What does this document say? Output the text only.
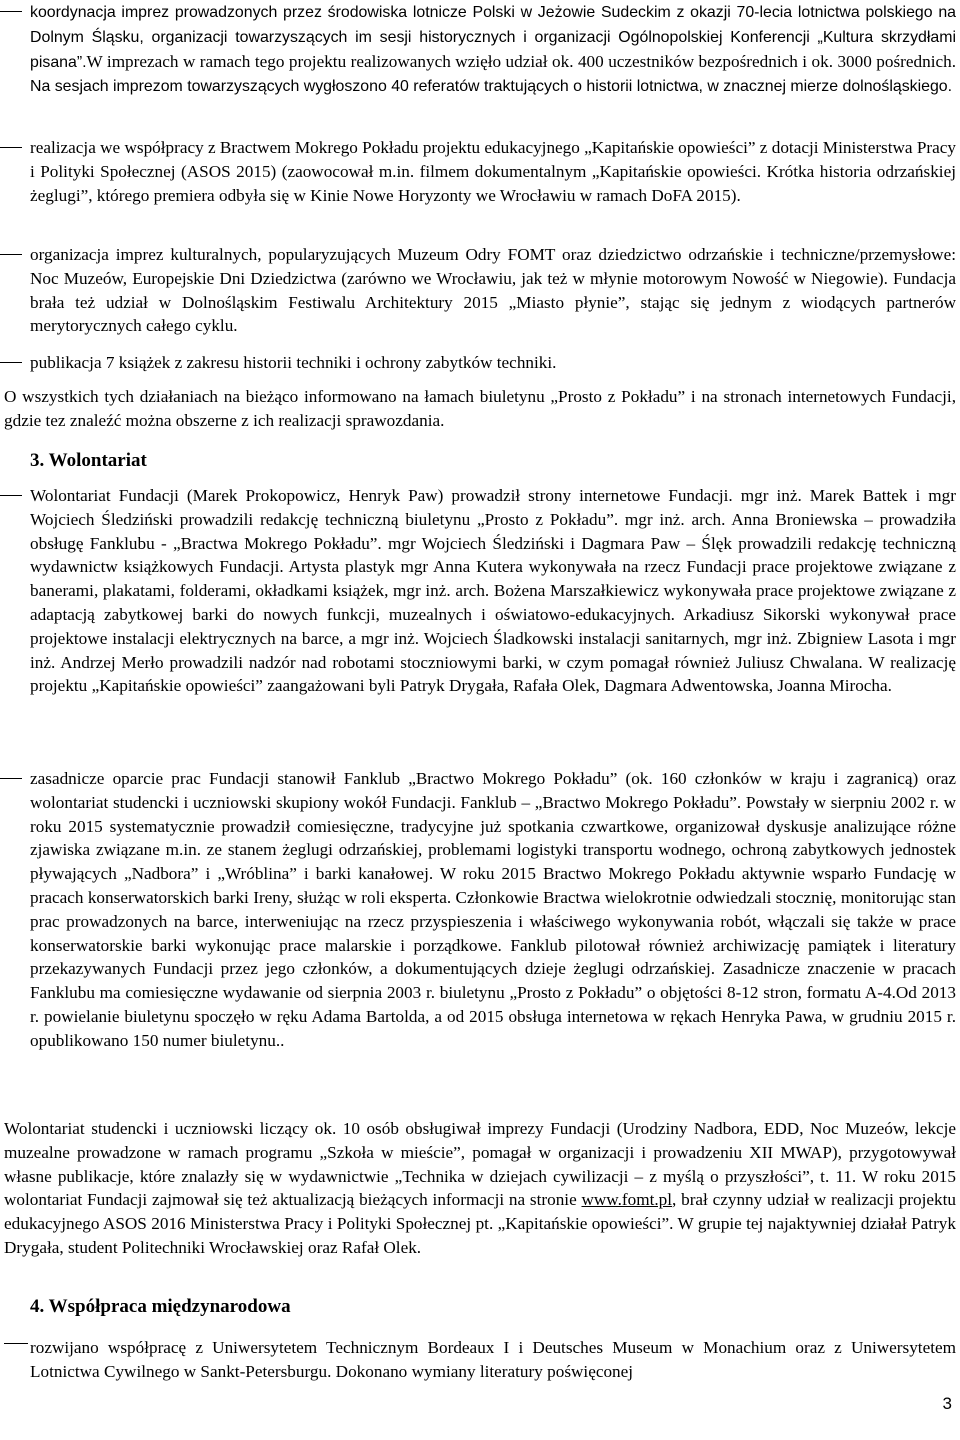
koordynacja imprez prowadzonych przez środowiska lotnicze Polski w Jeżowie Sudeckim z okazji 70-lecia lotnictwa polskiego na Dolnym Śląsku, organizacji towarzyszących im sesji historycznych i organizacji Ogólnopolskiej Konferencji „Kultura skrzydłami pisana”.W imprezach w ramach tego projektu realizowanych wzięło udział ok. 400 uczestników bezpośrednich i ok. 3000 pośrednich. Na sesjach imprezom towarzyszących wygłoszono 40 referatów traktujących o historii lotnictwa, w znacznej mierze dolnośląskiego.

realizacja we współpracy z Bractwem Mokrego Pokładu projektu edukacyjnego „Kapitańskie opowieści” z dotacji Ministerstwa Pracy i Polityki Społecznej (ASOS 2015) (zaowocował m.in. filmem dokumentalnym „Kapitańskie opowieści. Krótka historia odrzańskiej żeglugi”, którego premiera odbyła się w Kinie Nowe Horyzonty we Wrocławiu w ramach DoFA 2015).

organizacja imprez kulturalnych, popularyzujących Muzeum Odry FOMT oraz dziedzictwo odrzańskie i techniczne/przemysłowe: Noc Muzeów, Europejskie Dni Dziedzictwa (zarówno we Wrocławiu, jak też w młynie motorowym Nowość w Niegowie). Fundacja brała też udział w Dolnośląskim Festiwalu Architektury 2015 „Miasto płynie”, stając się jednym z wiodących partnerów merytorycznych całego cyklu.

publikacja 7 książek z zakresu historii techniki i ochrony zabytków techniki.

O wszystkich tych działaniach na bieżąco informowano na łamach biuletynu „Prosto z Pokładu” i na stronach internetowych Fundacji, gdzie tez znaleźć można obszerne z ich realizacji sprawozdania.

3. Wolontariat

Wolontariat Fundacji (Marek Prokopowicz, Henryk Paw) prowadził strony internetowe Fundacji. mgr inż. Marek Battek i mgr Wojciech Śledziński prowadzili redakcję techniczną biuletynu „Prosto z Pokładu”. mgr inż. arch. Anna Broniewska – prowadziła obsługę Fanklubu - „Bractwa Mokrego Pokładu”. mgr Wojciech Śledziński i Dagmara Paw – Ślęk prowadzili redakcję techniczną wydawnictw książkowych Fundacji. Artysta plastyk mgr Anna Kutera wykonywała na rzecz Fundacji prace projektowe związane z banerami, plakatami, folderami, okładkami książek, mgr inż. arch. Bożena Marszałkiewicz wykonywała prace projektowe związane z adaptacją zabytkowej barki do nowych funkcji, muzealnych i oświatowo-edukacyjnych. Arkadiusz Sikorski wykonywał prace projektowe instalacji elektrycznych na barce, a mgr inż. Wojciech Śladkowski instalacji sanitarnych, mgr inż. Zbigniew Lasota i mgr inż. Andrzej Merło prowadzili nadzór nad robotami stoczniowymi barki, w czym pomagał również Juliusz Chwalana. W realizację projektu „Kapitańskie opowieści” zaangażowani byli Patryk Drygała, Rafała Olek, Dagmara Adwentowska, Joanna Mirocha.

zasadnicze oparcie prac Fundacji stanowił Fanklub „Bractwo Mokrego Pokładu” (ok. 160 członków w kraju i zagranicą) oraz wolontariat studencki i uczniowski skupiony wokół Fundacji. Fanklub – „Bractwo Mokrego Pokładu”. Powstały w sierpniu 2002 r. w roku 2015 systematycznie prowadził comiesięczne, tradycyjne już spotkania czwartkowe, organizował dyskusje analizujące różne zjawiska związane m.in. ze stanem żeglugi odrzańskiej, problemami logistyki transportu wodnego, ochroną zabytkowych jednostek pływających „Nadbora” i „Wróblina” i barki kanałowej. W roku 2015 Bractwo Mokrego Pokładu aktywnie wsparło Fundację w pracach konserwatorskich barki Ireny, służąc w roli eksperta. Członkowie Bractwa wielokrotnie odwiedzali stocznię, monitorując stan prac prowadzonych na barce, interweniując na rzecz przyspieszenia i właściwego wykonywania robót, włączali się także w prace konserwatorskie barki wykonując prace malarskie i porządkowe. Fanklub pilotował również archiwizację pamiątek i literatury przekazywanych Fundacji przez jego członków, a dokumentujących dzieje żeglugi odrzańskiej. Zasadnicze znaczenie w pracach Fanklubu ma comiesięczne wydawanie od sierpnia 2003 r. biuletynu „Prosto z Pokładu” o objętości 8-12 stron, formatu A-4.Od 2013 r. powielanie biuletynu spoczęło w ręku Adama Bartolda, a od 2015 obsługa internetowa w rękach Henryka Pawa, w grudniu 2015 r. opublikowano 150 numer biuletynu..

Wolontariat studencki i uczniowski liczący ok. 10 osób obsługiwał imprezy Fundacji (Urodziny Nadbora, EDD, Noc Muzeów, lekcje muzealne prowadzone w ramach programu „Szkoła w mieście”, pomagał w organizacji i prowadzeniu XII MWAP), przygotowywał własne publikacje, które znalazły się w wydawnictwie „Technika w dziejach cywilizacji – z myślą o przyszłości”, t. 11. W roku 2015 wolontariat Fundacji zajmował się też aktualizacją bieżących informacji na stronie www.fomt.pl, brał czynny udział w realizacji projektu edukacyjnego ASOS 2016 Ministerstwa Pracy i Polityki Społecznej pt. „Kapitańskie opowieści”. W grupie tej najaktywniej działał Patryk Drygała, student Politechniki Wrocławskiej oraz Rafał Olek.

4. Współpraca międzynarodowa

rozwijano współpracę z Uniwersytetem Technicznym Bordeaux I i Deutsches Museum w Monachium oraz z Uniwersytetem Lotnictwa Cywilnego w Sankt-Petersburgu. Dokonano wymiany literatury poświęconej

3
